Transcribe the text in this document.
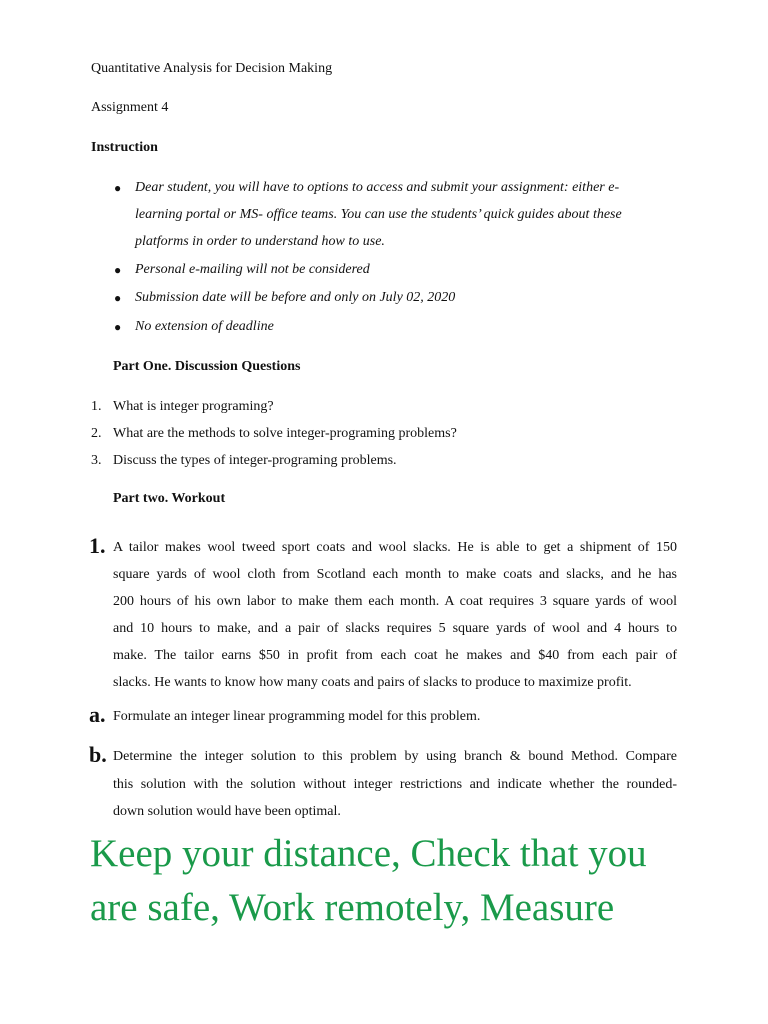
Quantitative Analysis for Decision Making
Assignment 4
Instruction
● Dear student, you will have to options to access and submit your assignment: either e-
learning portal or MS- office teams. You can use the students’ quick guides about these
platforms in order to understand how to use.
● Personal e-mailing will not be considered
● Submission date will be before and only on July 02, 2020
● No extension of deadline
Part One. Discussion Questions
1. What is integer programing?
2. What are the methods to solve integer-programing problems?
3. Discuss the types of integer-programing problems.
Part two. Workout
1. A tailor makes wool tweed sport coats and wool slacks. He is able to get a shipment of 150
square yards of wool cloth from Scotland each month to make coats and slacks, and he has
200 hours of his own labor to make them each month. A coat requires 3 square yards of wool
and 10 hours to make, and a pair of slacks requires 5 square yards of wool and 4 hours to
make. The tailor earns $50 in profit from each coat he makes and $40 from each pair of
slacks. He wants to know how many coats and pairs of slacks to produce to maximize profit.
a. Formulate an integer linear programming model for this problem.
b. Determine the integer solution to this problem by using branch & bound Method. Compare
this solution with the solution without integer restrictions and indicate whether the rounded-
down solution would have been optimal.
Keep your distance, Check that you
are safe, Work remotely, Measure
